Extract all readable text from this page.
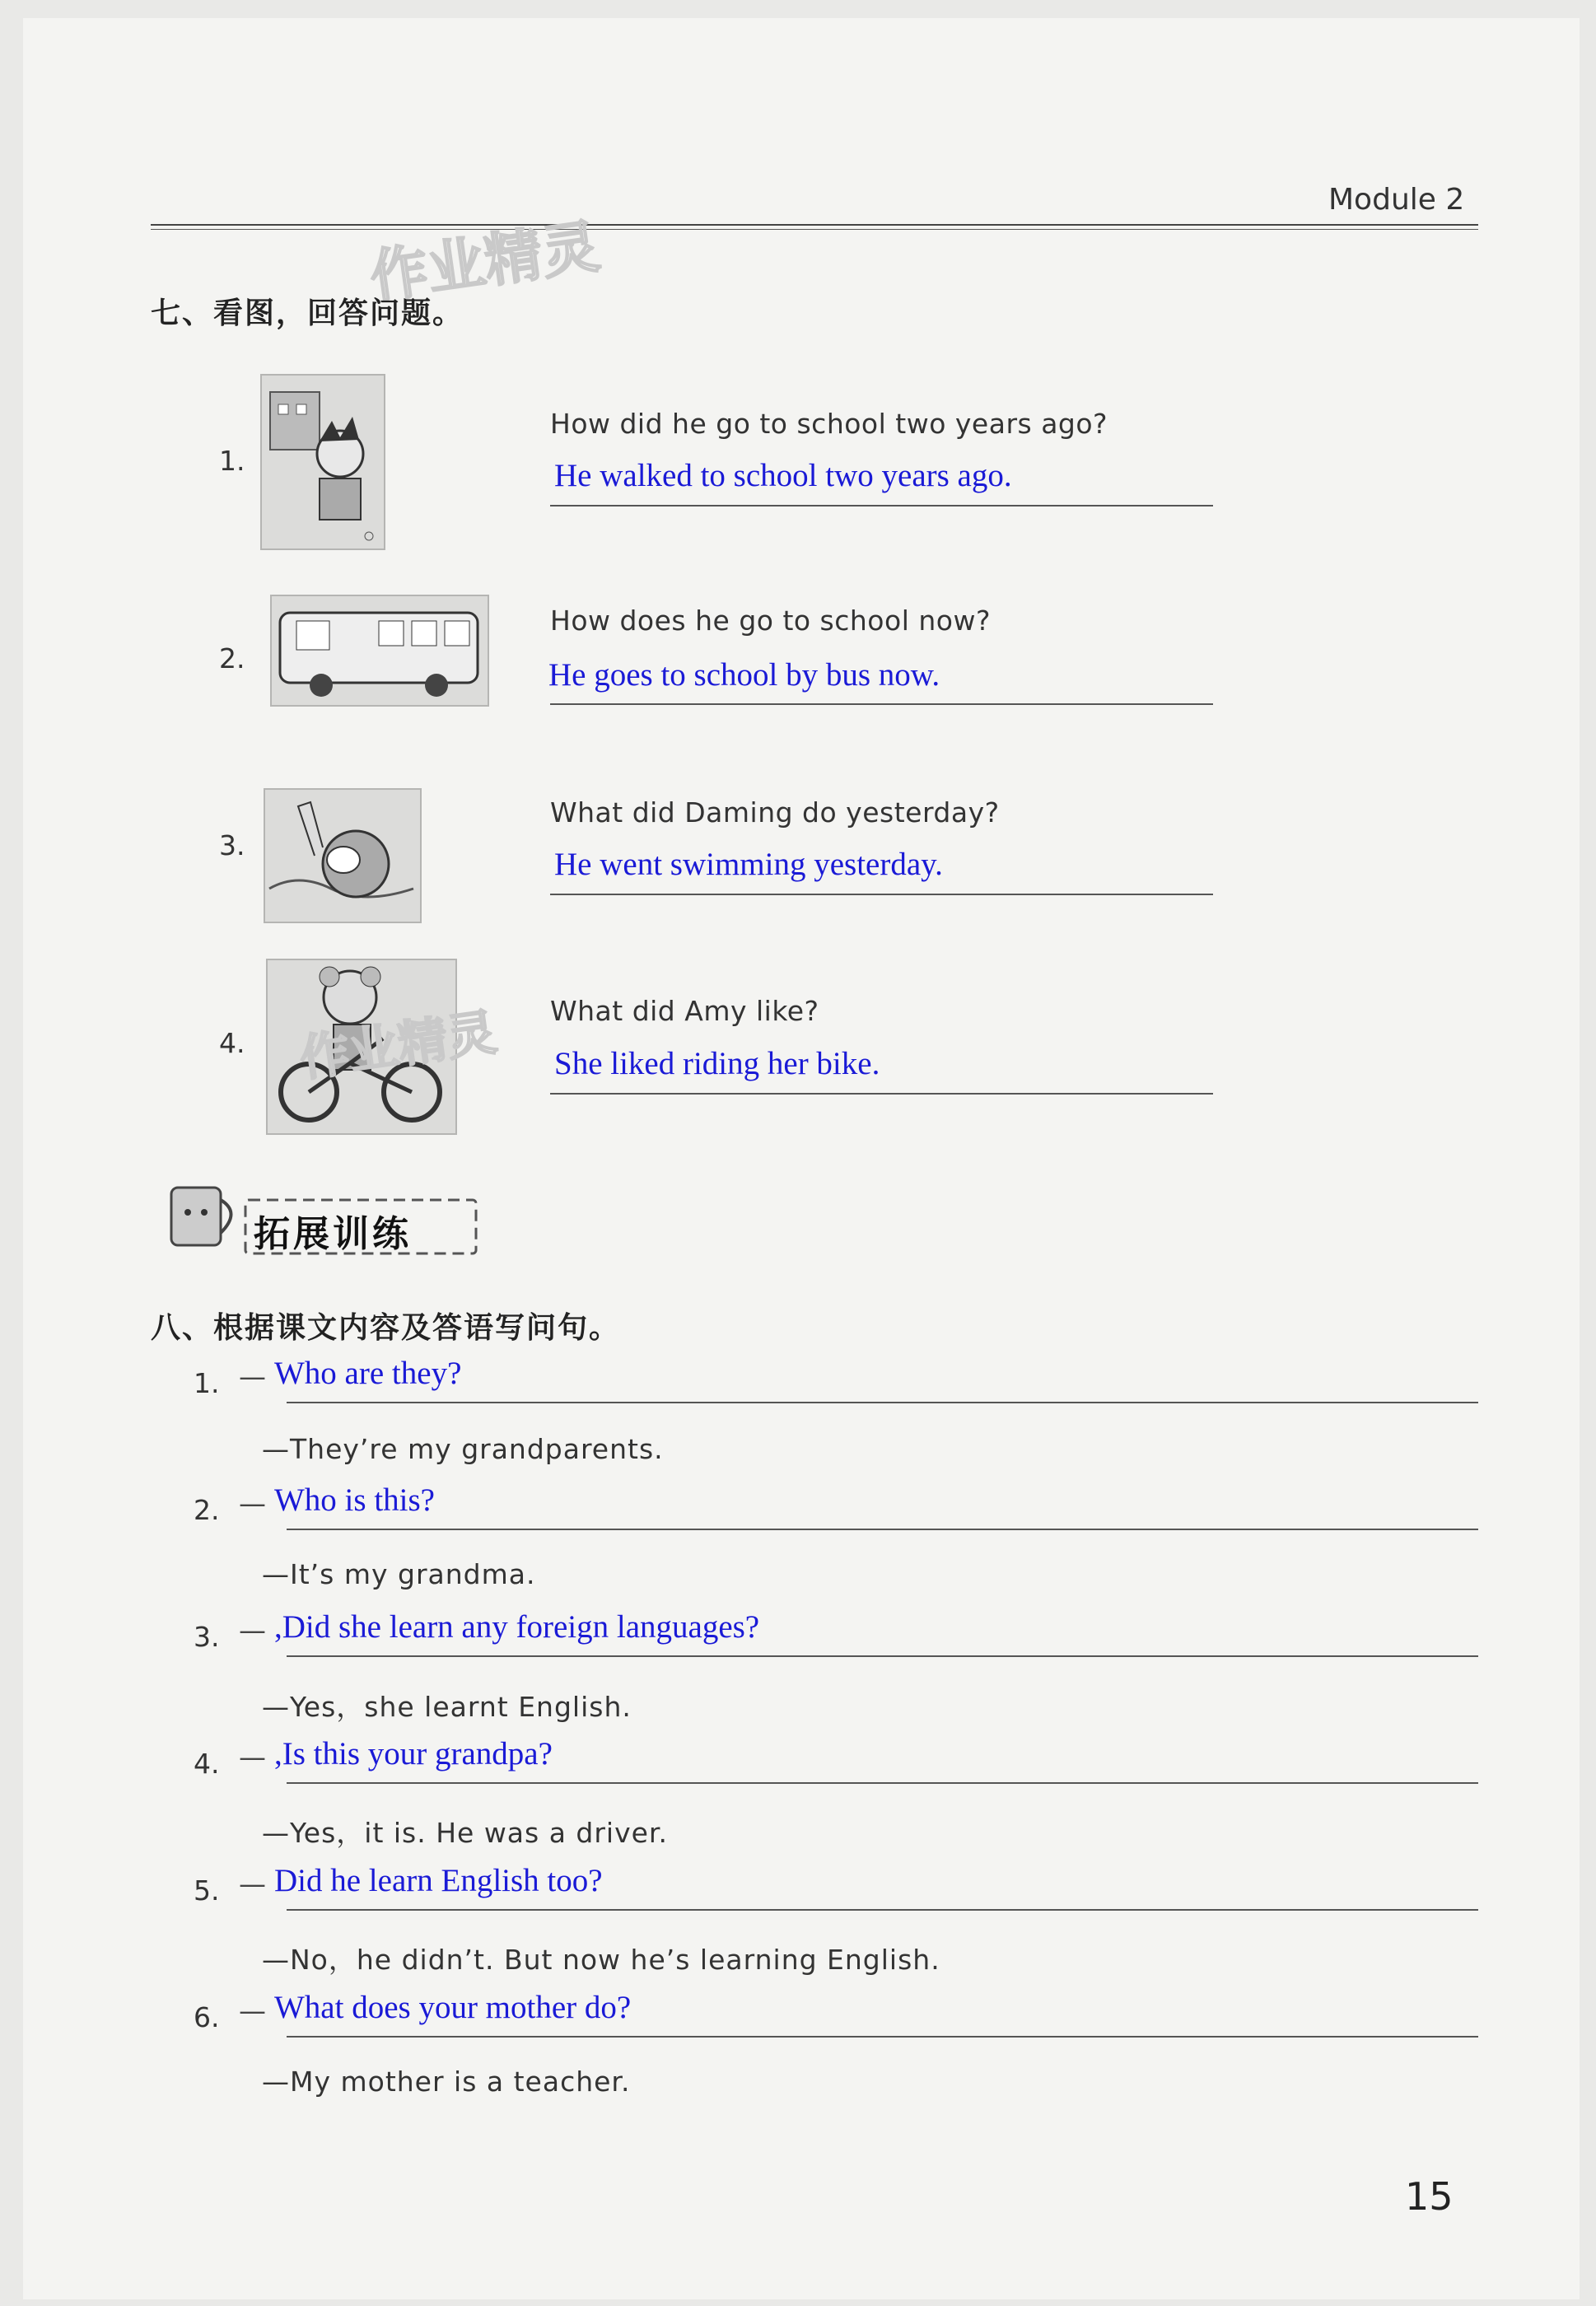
Module 2
作业精灵
七、看图，回答问题。
1.
How did he go to school two years ago?
He walked to school two years ago.
2.
How does he go to school now?
He goes to school by bus now.
3.
What did Daming do yesterday?
He went swimming yesterday.
4. 作业精灵 What did Amy like?
She liked riding her bike.
拓展训练
八、根据课文内容及答语写问句。
1. — Who are they?
—They’re my grandparents.
2. — Who is this?
—It’s my grandma.
3. — ,Did she learn any foreign languages?
—Yes，she learnt English.
4. — ,Is this your grandpa?
—Yes，it is. He was a driver.
5. — Did he learn English too?
—No，he didn’t. But now he’s learning English.
6. — What does your mother do?
—My mother is a teacher.
15
